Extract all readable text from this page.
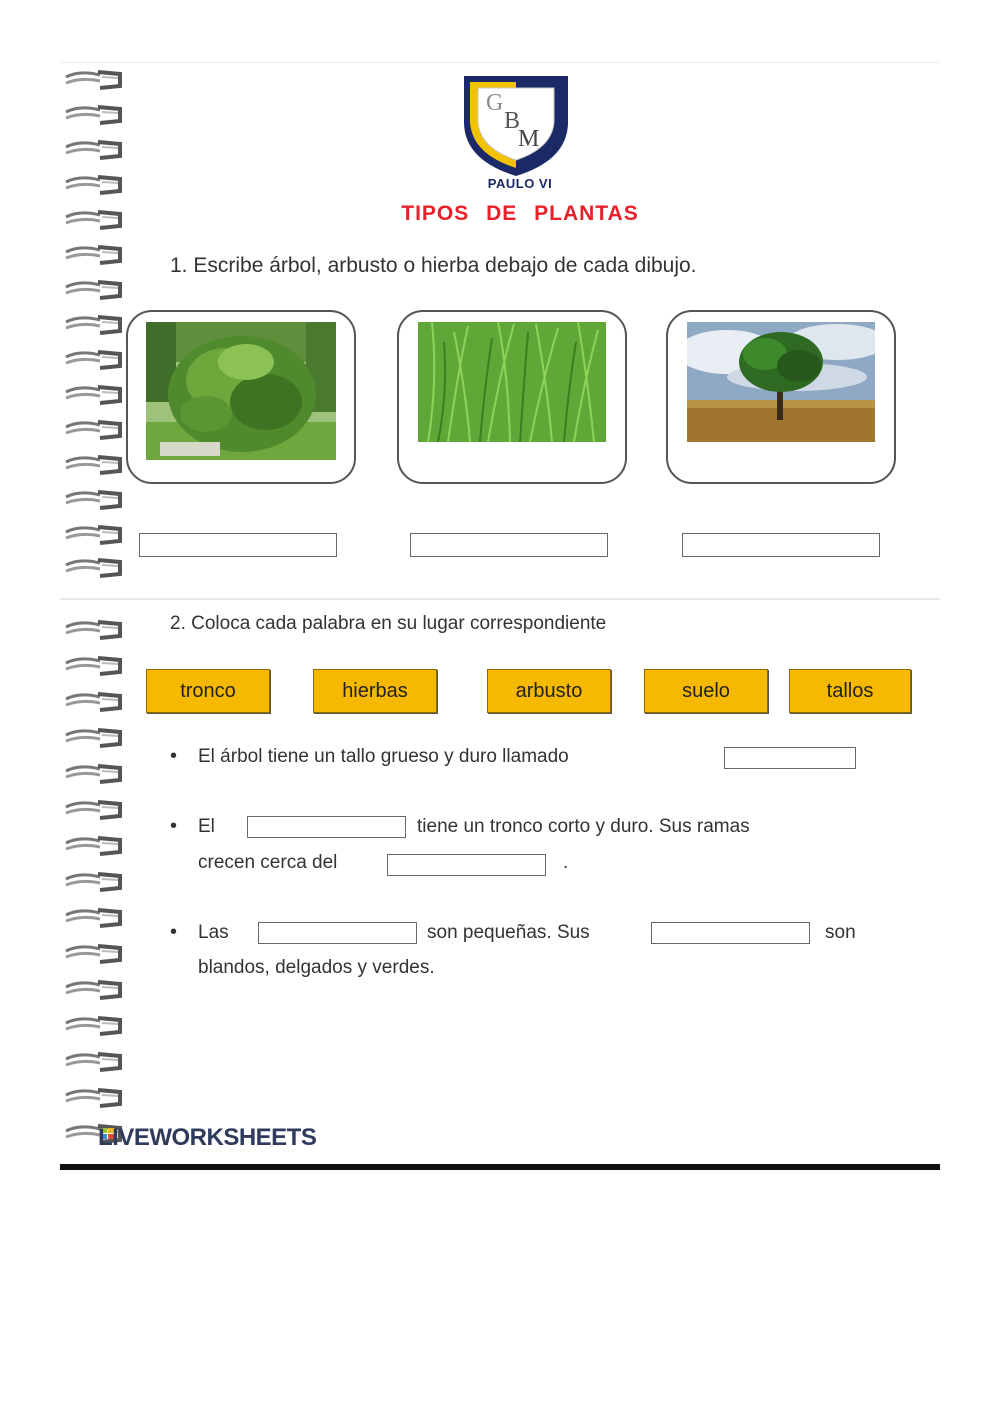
G
B
M
PAULO VI
TIPOS DE PLANTAS
1. Escribe árbol, arbusto o hierba debajo de cada dibujo.
2. Coloca cada palabra en su lugar correspondiente
tronco	hierbas	arbusto	suelo	tallos
• El árbol tiene un tallo grueso y duro llamado
• El	tiene un tronco corto y duro. Sus ramas
crecen cerca del	.
• Las	son pequeñas. Sus	son
blandos, delgados y verdes.
LIVEWORKSHEETS
